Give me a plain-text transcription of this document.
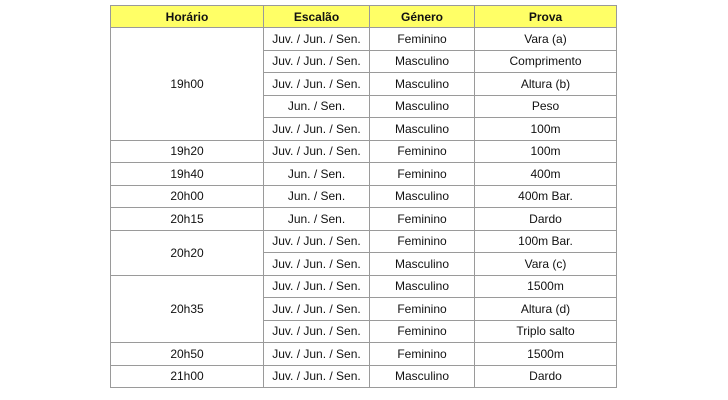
Horário	Escalão	Género	Prova
19h00	Juv. / Jun. / Sen.	Feminino	Vara (a)
	Juv. / Jun. / Sen.	Masculino	Comprimento
	Juv. / Jun. / Sen.	Masculino	Altura (b)
	Jun. / Sen.	Masculino	Peso
	Juv. / Jun. / Sen.	Masculino	100m
19h20	Juv. / Jun. / Sen.	Feminino	100m
19h40	Jun. / Sen.	Feminino	400m
20h00	Jun. / Sen.	Masculino	400m Bar.
20h15	Jun. / Sen.	Feminino	Dardo
20h20	Juv. / Jun. / Sen.	Feminino	100m Bar.
	Juv. / Jun. / Sen.	Masculino	Vara (c)
20h35	Juv. / Jun. / Sen.	Masculino	1500m
	Juv. / Jun. / Sen.	Feminino	Altura (d)
	Juv. / Jun. / Sen.	Feminino	Triplo salto
20h50	Juv. / Jun. / Sen.	Feminino	1500m
21h00	Juv. / Jun. / Sen.	Masculino	Dardo
